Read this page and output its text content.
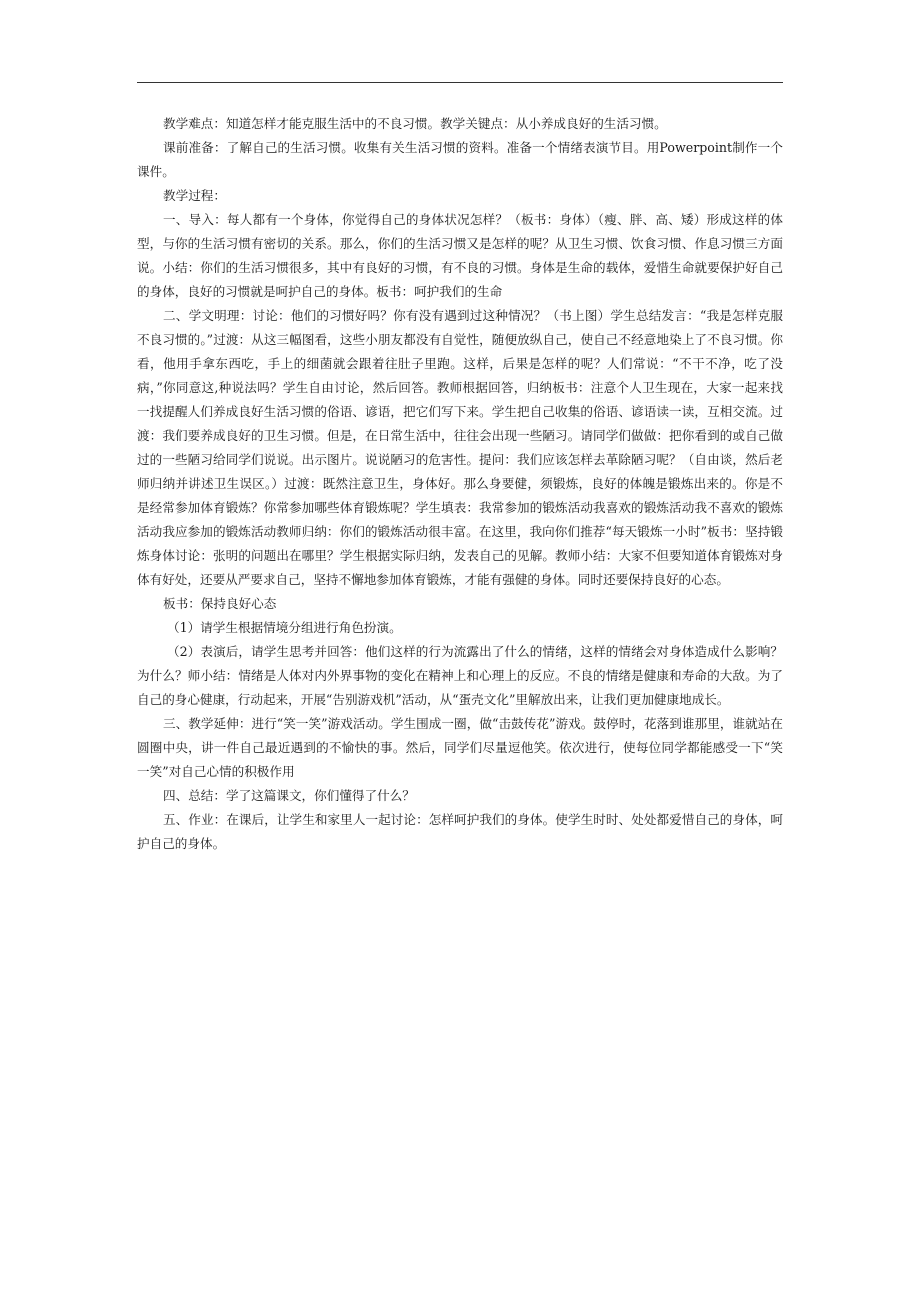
教学难点：知道怎样才能克服生活中的不良习惯。教学关键点：从小养成良好的生活习惯。

课前准备：了解自己的生活习惯。收集有关生活习惯的资料。准备一个情绪表演节目。用Powerpoint制作一个课件。

教学过程：

一、导入：每人都有一个身体，你觉得自己的身体状况怎样？（板书：身体）（瘦、胖、高、矮）形成这样的体型，与你的生活习惯有密切的关系。那么，你们的生活习惯又是怎样的呢？从卫生习惯、饮食习惯、作息习惯三方面说。小结：你们的生活习惯很多，其中有良好的习惯，有不良的习惯。身体是生命的载体，爱惜生命就要保护好自己的身体，良好的习惯就是呵护自己的身体。板书：呵护我们的生命

二、学文明理：讨论：他们的习惯好吗？你有没有遇到过这种情况？（书上图）学生总结发言：“我是怎样克服不良习惯的。”过渡：从这三幅图看，这些小朋友都没有自觉性，随便放纵自己，使自己不经意地染上了不良习惯。你看，他用手拿东西吃，手上的细菌就会跟着往肚子里跑。这样，后果是怎样的呢？人们常说：“不干不净，吃了没病，”你同意这,种说法吗？学生自由讨论，然后回答。教师根据回答，归纳板书：注意个人卫生现在，大家一起来找一找提醒人们养成良好生活习惯的俗语、谚语，把它们写下来。学生把自己收集的俗语、谚语读一读，互相交流。过渡：我们要养成良好的卫生习惯。但是，在日常生活中，往往会出现一些陋习。请同学们做做：把你看到的或自己做过的一些陋习给同学们说说。出示图片。说说陋习的危害性。提问：我们应该怎样去革除陋习呢？（自由谈，然后老师归纳并讲述卫生误区。）过渡：既然注意卫生，身体好。那么身要健，须锻炼，良好的体魄是锻炼出来的。你是不是经常参加体育锻炼？你常参加哪些体育锻炼呢？学生填表：我常参加的锻炼活动我喜欢的锻炼活动我不喜欢的锻炼活动我应参加的锻炼活动教师归纳：你们的锻炼活动很丰富。在这里，我向你们推荐“每天锻炼一小时”板书：坚持锻炼身体讨论：张明的问题出在哪里？学生根据实际归纳，发表自己的见解。教师小结：大家不但要知道体育锻炼对身体有好处，还要从严要求自己，坚持不懈地参加体育锻炼，才能有强健的身体。同时还要保持良好的心态。

板书：保持良好心态

（1）请学生根据情境分组进行角色扮演。

（2）表演后，请学生思考并回答：他们这样的行为流露出了什么的情绪，这样的情绪会对身体造成什么影响？为什么？师小结：情绪是人体对内外界事物的变化在精神上和心理上的反应。不良的情绪是健康和寿命的大敌。为了自己的身心健康，行动起来，开展“告别游戏机”活动，从“蛋壳文化”里解放出来，让我们更加健康地成长。

三、教学延伸：进行“笑一笑”游戏活动。学生围成一圈，做“击鼓传花”游戏。鼓停时，花落到谁那里，谁就站在圆圈中央，讲一件自己最近遇到的不愉快的事。然后，同学们尽量逗他笑。依次进行，使每位同学都能感受一下“笑一笑”对自己心情的积极作用

四、总结：学了这篇课文，你们懂得了什么？

五、作业：在课后，让学生和家里人一起讨论：怎样呵护我们的身体。使学生时时、处处都爱惜自己的身体，呵护自己的身体。
